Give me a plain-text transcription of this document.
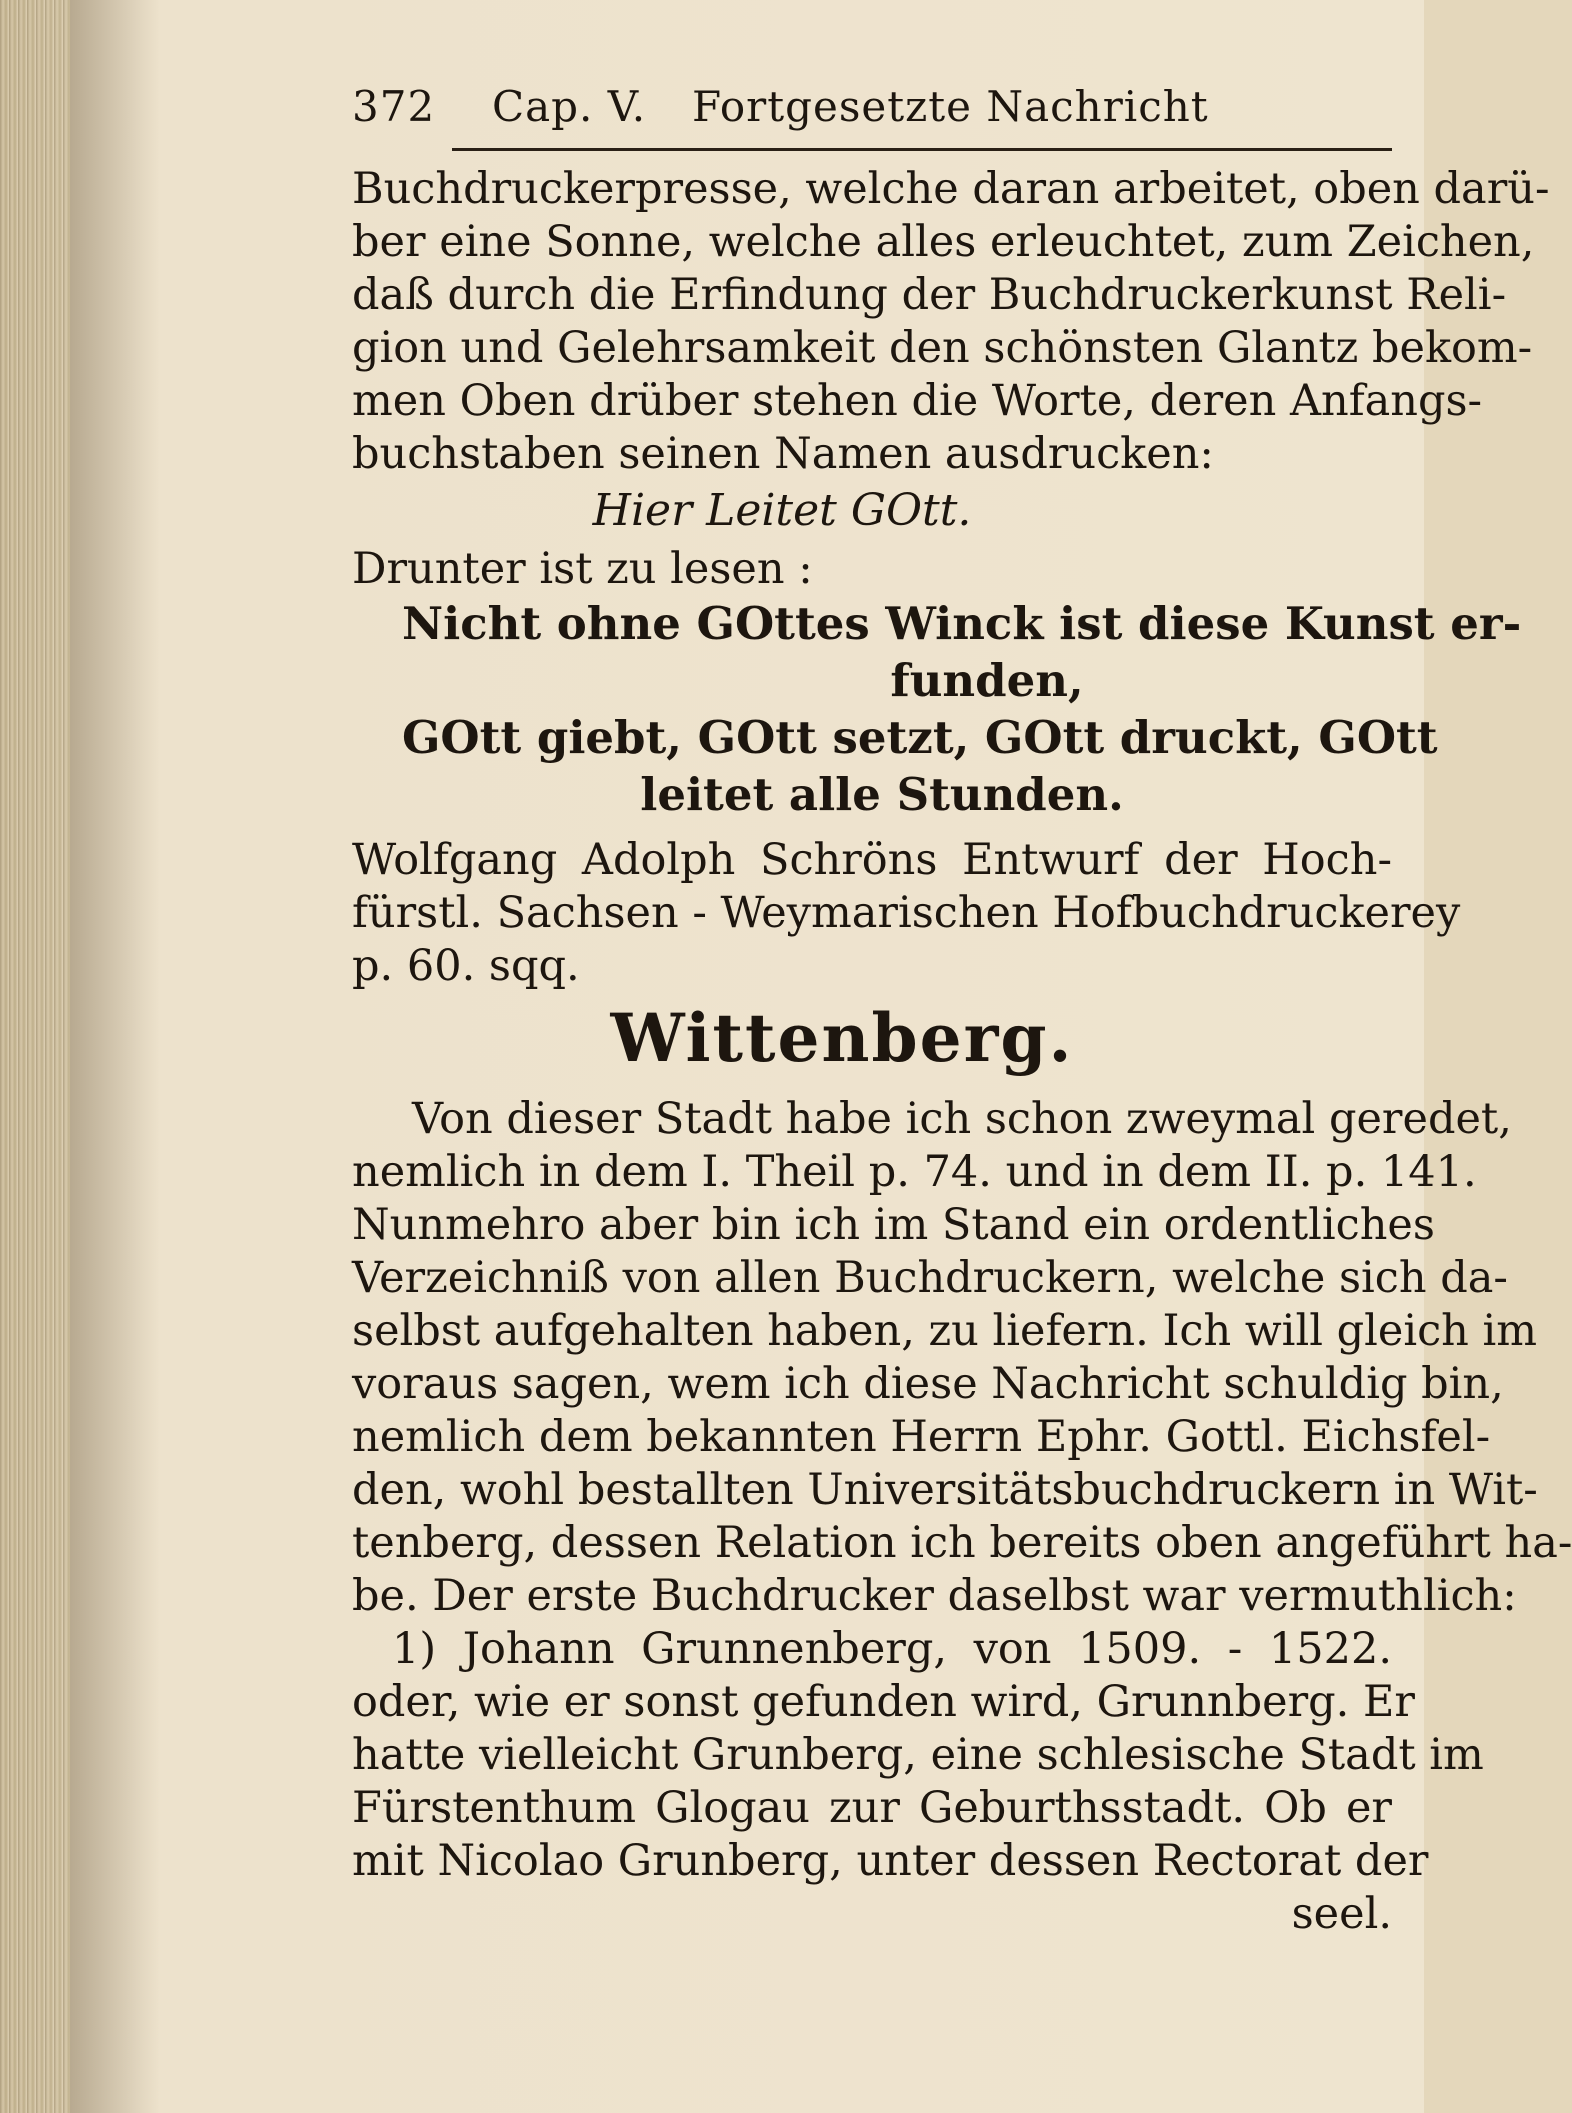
372	Cap. V.	Fortgesetzte Nachricht
Buchdruckerpresse, welche daran arbeitet, oben darü-
ber eine Sonne, welche alles erleuchtet, zum Zeichen,
daß durch die Erfindung der Buchdruckerkunst Reli-
gion und Gelehrsamkeit den schönsten Glantz bekom-
men Oben drüber stehen die Worte, deren Anfangs-
buchstaben seinen Namen ausdrucken:
Hier Leitet GOtt.
Drunter ist zu lesen :
Nicht ohne GOttes Winck ist diese Kunst er-
funden,
GOtt giebt, GOtt setzt, GOtt druckt, GOtt
leitet alle Stunden.
Wolfgang Adolph Schröns Entwurf der Hoch-
fürstl. Sachsen - Weymarischen Hofbuchdruckerey
p. 60. sqq.
Wittenberg.
Von dieser Stadt habe ich schon zweymal geredet,
nemlich in dem I. Theil p. 74. und in dem II. p. 141.
Nunmehro aber bin ich im Stand ein ordentliches
Verzeichniß von allen Buchdruckern, welche sich da-
selbst aufgehalten haben, zu liefern. Ich will gleich im
voraus sagen, wem ich diese Nachricht schuldig bin,
nemlich dem bekannten Herrn Ephr. Gottl. Eichsfel-
den, wohl bestallten Universitätsbuchdruckern in Wit-
tenberg, dessen Relation ich bereits oben angeführt ha-
be. Der erste Buchdrucker daselbst war vermuthlich:
1) Johann Grunnenberg, von 1509. - 1522.
oder, wie er sonst gefunden wird, Grunnberg. Er
hatte vielleicht Grunberg, eine schlesische Stadt im
Fürstenthum Glogau zur Geburthsstadt. Ob er
mit Nicolao Grunberg, unter dessen Rectorat der
seel.
